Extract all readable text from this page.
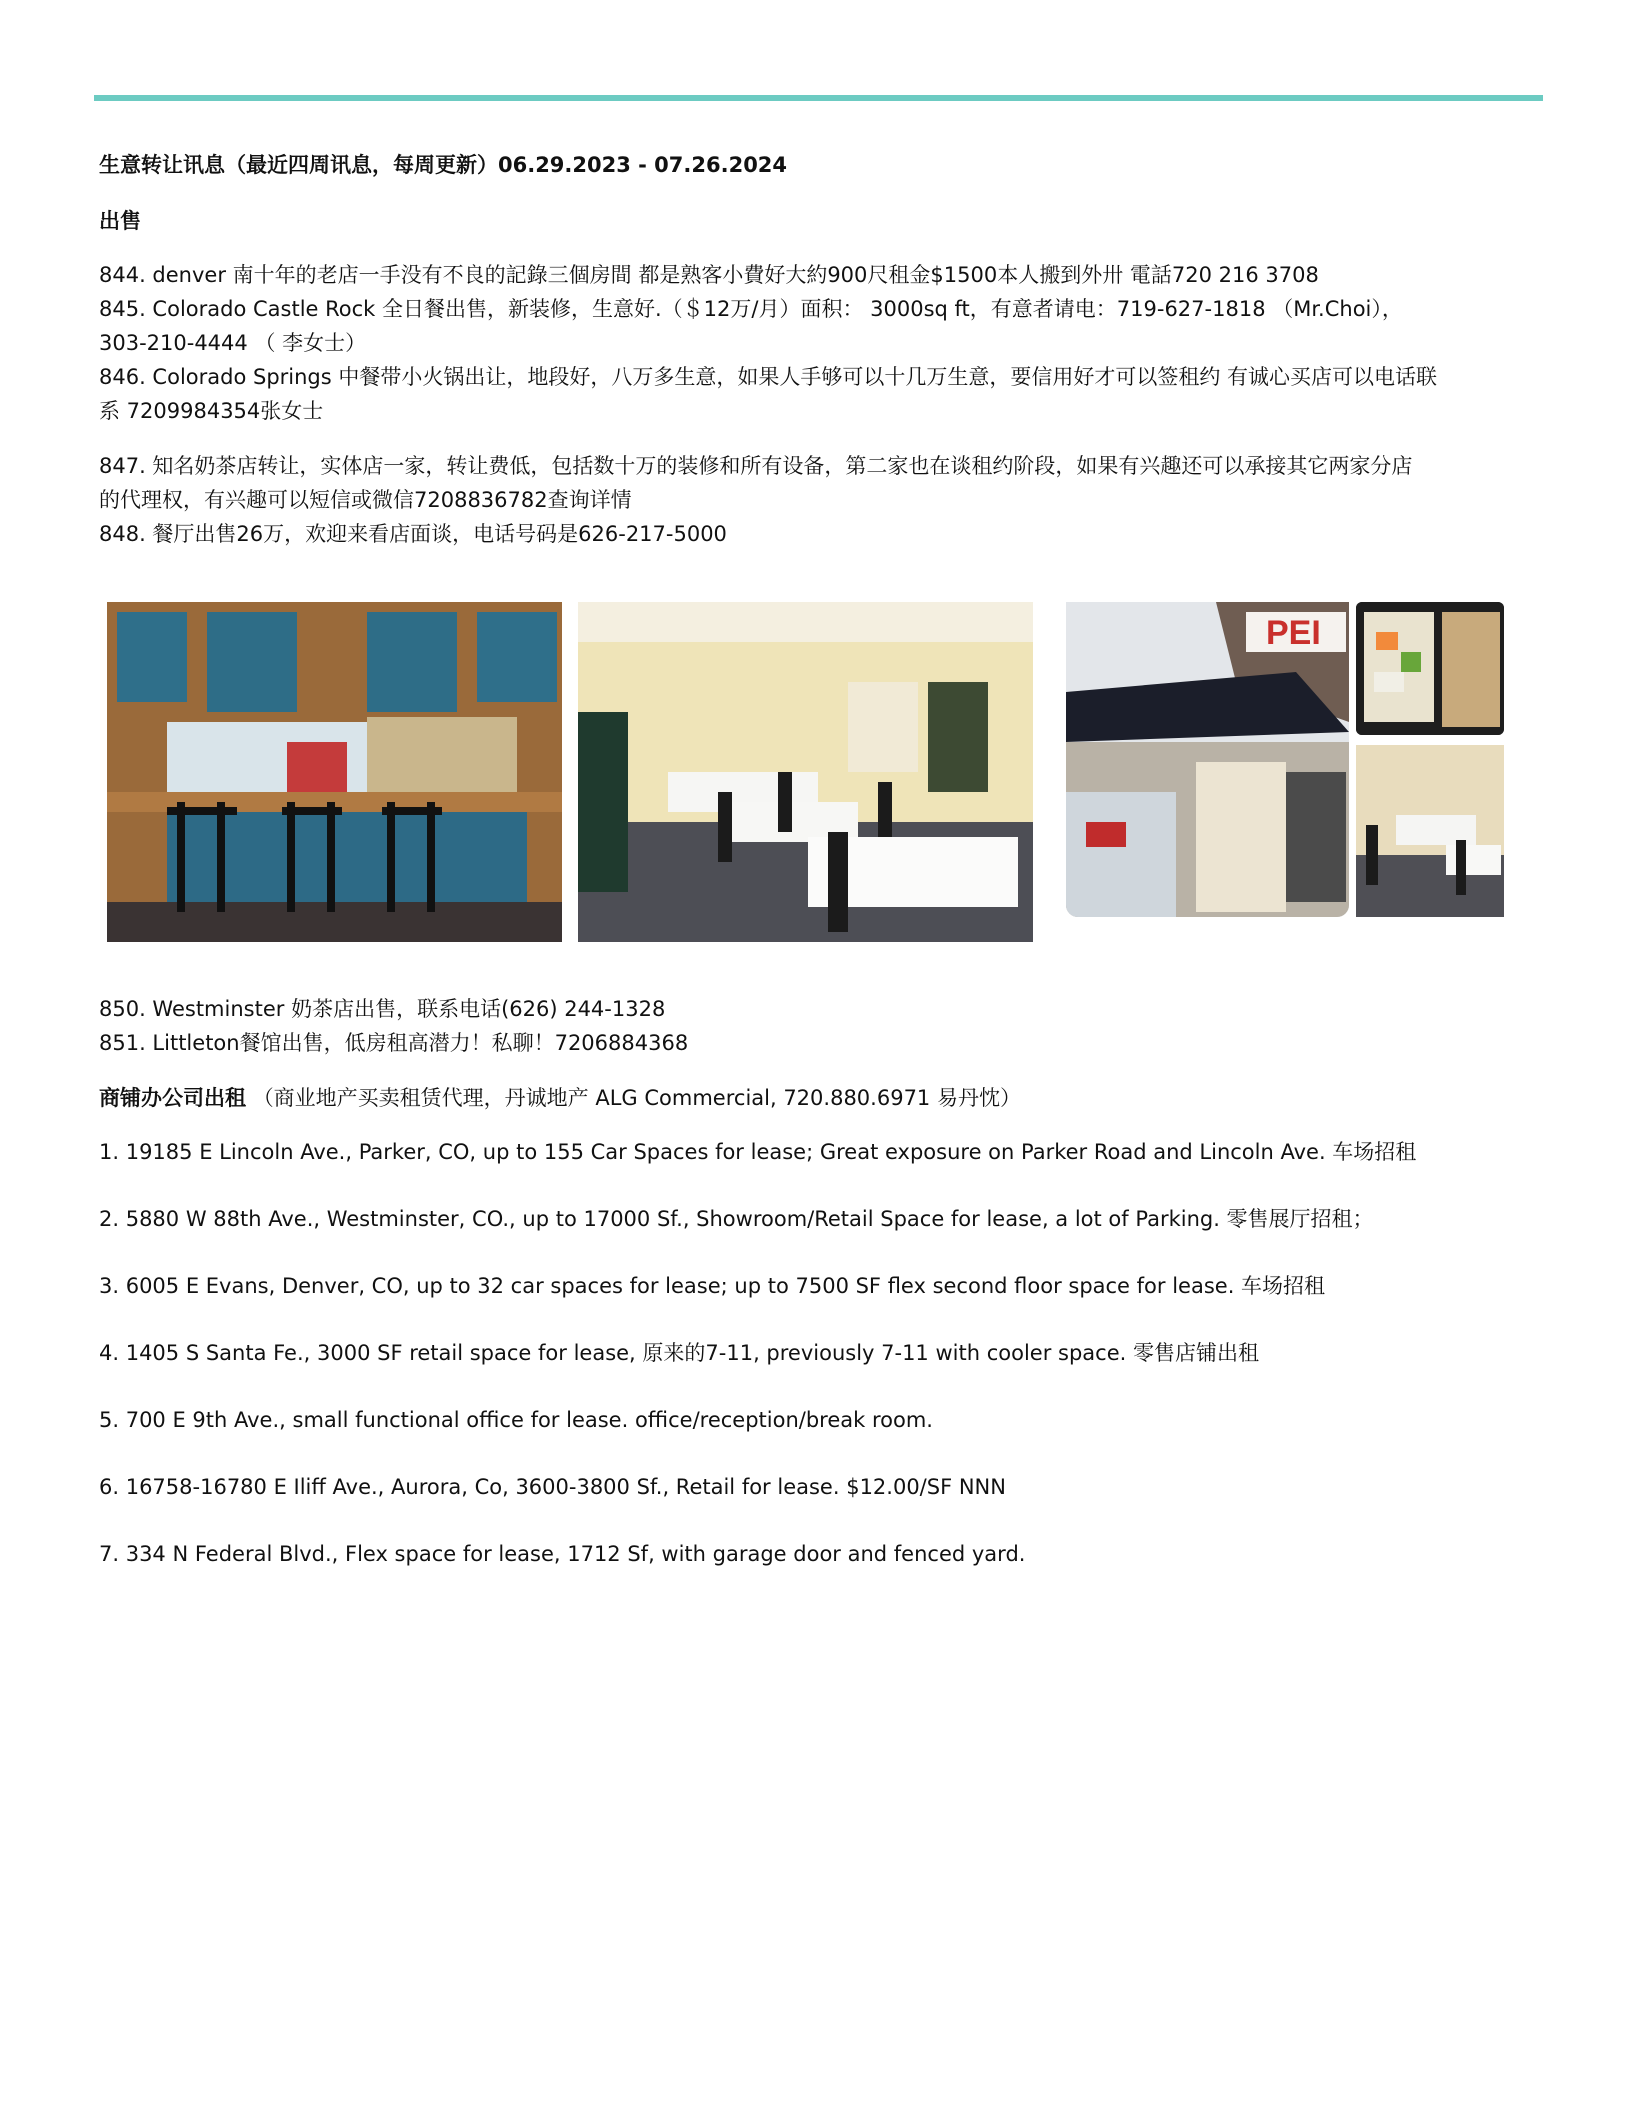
生意转让讯息（最近四周讯息，每周更新）06.29.2023 - 07.26.2024
出售
844. denver 南十年的老店一手没有不良的記錄三個房間 都是熟客小費好大約900尺租金$1500本人搬到外卅 電話720 216 3708
845. Colorado Castle Rock 全日餐出售，新装修，生意好.（＄12万/月）面积： 3000sq ft，有意者请电：719-627-1818 （Mr.Choi），
303-210-4444 （ 李女士）
846. Colorado Springs 中餐带小火锅出让，地段好，八万多生意，如果人手够可以十几万生意，要信用好才可以签租约 有诚心买店可以电话联
系 7209984354张女士
847. 知名奶茶店转让，实体店一家，转让费低，包括数十万的装修和所有设备，第二家也在谈租约阶段，如果有兴趣还可以承接其它两家分店
的代理权，有兴趣可以短信或微信7208836782查询详情
848. 餐厅出售26万，欢迎来看店面谈，电话号码是626-217-5000
PEI
850. Westminster 奶茶店出售，联系电话(626) 244-1328
851. Littleton餐馆出售，低房租高潜力！私聊！7206884368
商铺办公司出租 （商业地产买卖租赁代理，丹诚地产 ALG Commercial, 720.880.6971 易丹忱）
1. 19185 E Lincoln Ave., Parker, CO, up to 155 Car Spaces for lease; Great exposure on Parker Road and Lincoln Ave. 车场招租
2. 5880 W 88th Ave., Westminster, CO., up to 17000 Sf., Showroom/Retail Space for lease, a lot of Parking. 零售展厅招租；
3. 6005 E Evans, Denver, CO, up to 32 car spaces for lease; up to 7500 SF flex second floor space for lease. 车场招租
4. 1405 S Santa Fe., 3000 SF retail space for lease, 原来的7-11, previously 7-11 with cooler space. 零售店铺出租
5. 700 E 9th Ave., small functional office for lease. office/reception/break room.
6. 16758-16780 E Iliff Ave., Aurora, Co, 3600-3800 Sf., Retail for lease. $12.00/SF NNN
7. 334 N Federal Blvd., Flex space for lease, 1712 Sf, with garage door and fenced yard.
